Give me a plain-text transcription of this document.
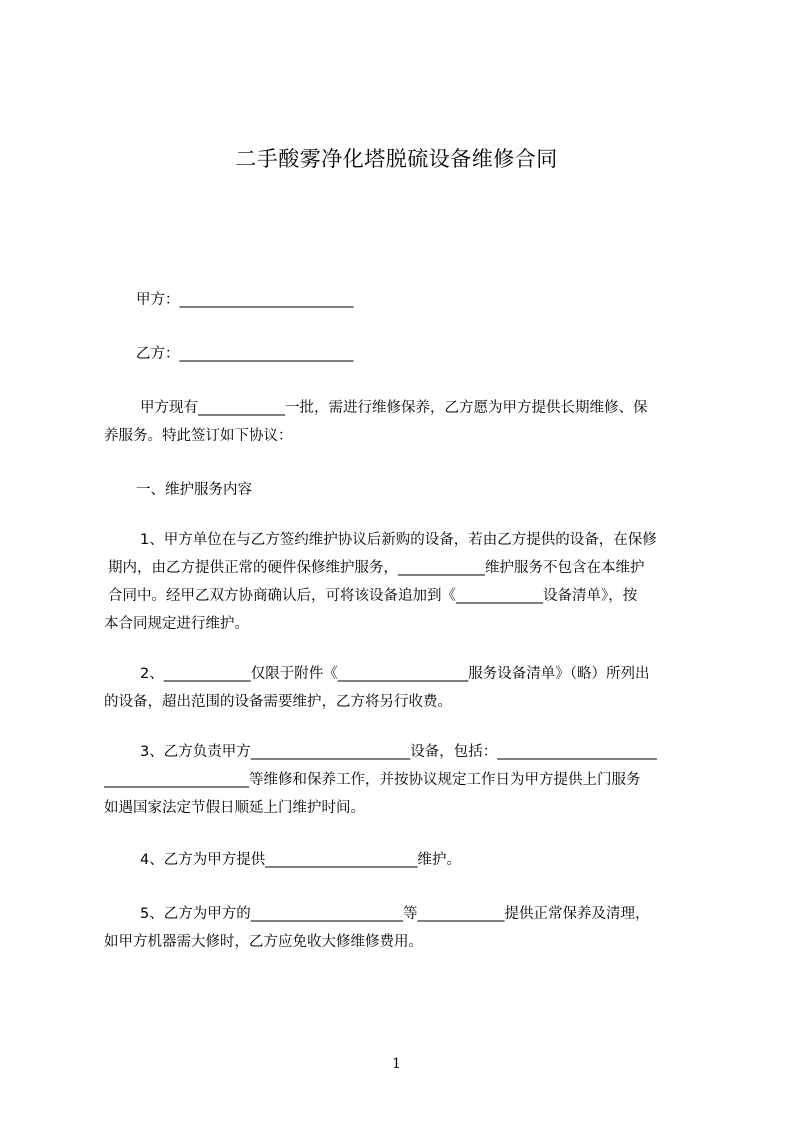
二手酸雾净化塔脱硫设备维修合同
甲方：________________________
乙方：________________________
甲方现有____________一批，需进行维修保养，乙方愿为甲方提供长期维修、保
养服务。特此签订如下协议：
一、维护服务内容
1、甲方单位在与乙方签约维护协议后新购的设备，若由乙方提供的设备，在保修
期内，由乙方提供正常的硬件保修维护服务，____________维护服务不包含在本维护
合同中。经甲乙双方协商确认后，可将该设备追加到《____________设备清单》，按
本合同规定进行维护。
2、____________仅限于附件《__________________服务设备清单》（略）所列出
的设备，超出范围的设备需要维护，乙方将另行收费。
3、乙方负责甲方______________________设备，包括：______________________
____________________等维修和保养工作，并按协议规定工作日为甲方提供上门服务
如遇国家法定节假日顺延上门维护时间。
4、乙方为甲方提供_____________________维护。
5、乙方为甲方的_____________________等____________提供正常保养及清理，
如甲方机器需大修时，乙方应免收大修维修费用。
1
